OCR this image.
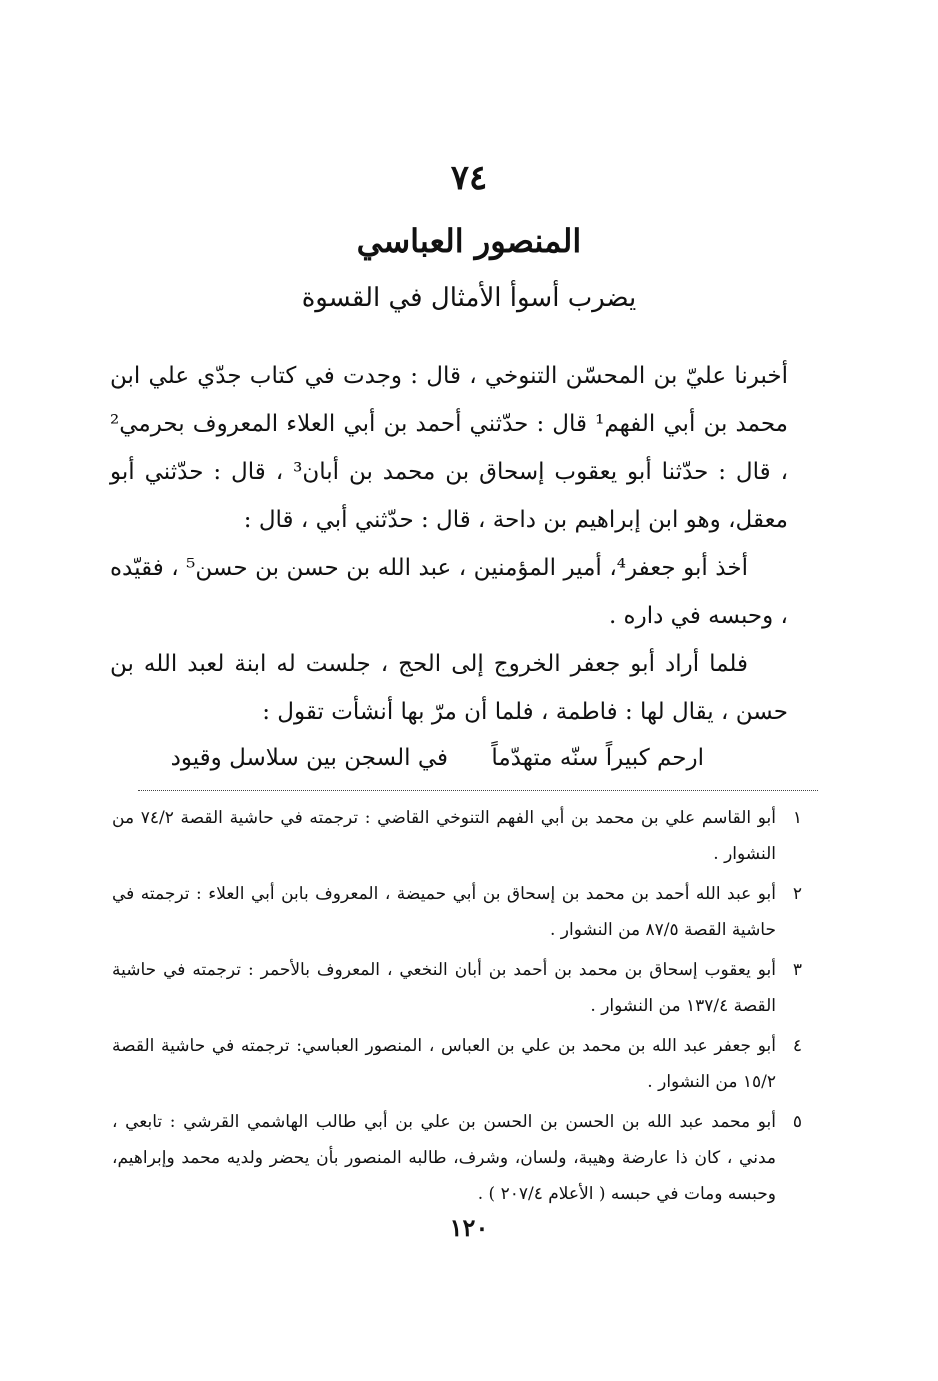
٧٤
المنصور العباسي
يضرب أسوأ الأمثال في القسوة

أخبرنا عليّ بن المحسّن التنوخي ، قال : وجدت في كتاب جدّي علي ابن محمد بن أبي الفهم¹ قال : حدّثني أحمد بن أبي العلاء المعروف بحرمي² ، قال : حدّثنا أبو يعقوب إسحاق بن محمد بن أبان³ ، قال : حدّثني أبو معقل، وهو ابن إبراهيم بن داحة ، قال : حدّثني أبي ، قال :

أخذ أبو جعفر⁴، أمير المؤمنين ، عبد الله بن حسن بن حسن⁵ ، فقيّده ، وحبسه في داره .

فلما أراد أبو جعفر الخروج إلى الحج ، جلست له ابنة لعبد الله بن حسن ، يقال لها : فاطمة ، فلما أن مرّ بها أنشأت تقول :

ارحم كبيراً سنّه متهدّماً
في السجن بين سلاسل وقيود
١
أبو القاسم علي بن محمد بن أبي الفهم التنوخي القاضي : ترجمته في حاشية القصة ٧٤/٢ من النشوار .
٢
أبو عبد الله أحمد بن محمد بن إسحاق بن أبي حميضة ، المعروف بابن أبي العلاء : ترجمته في حاشية القصة ٨٧/٥ من النشوار .
٣
أبو يعقوب إسحاق بن محمد بن أحمد بن أبان النخعي ، المعروف بالأحمر : ترجمته في حاشية القصة ١٣٧/٤ من النشوار .
٤
أبو جعفر عبد الله بن محمد بن علي بن العباس ، المنصور العباسي: ترجمته في حاشية القصة ١٥/٢ من النشوار .
٥
أبو محمد عبد الله بن الحسن بن الحسن بن علي بن أبي طالب الهاشمي القرشي : تابعي ، مدني ، كان ذا عارضة وهيبة، ولسان، وشرف، طالبه المنصور بأن يحضر ولديه محمد وإبراهيم، وحبسه ومات في حبسه ( الأعلام ٢٠٧/٤ ) .
١٢٠
